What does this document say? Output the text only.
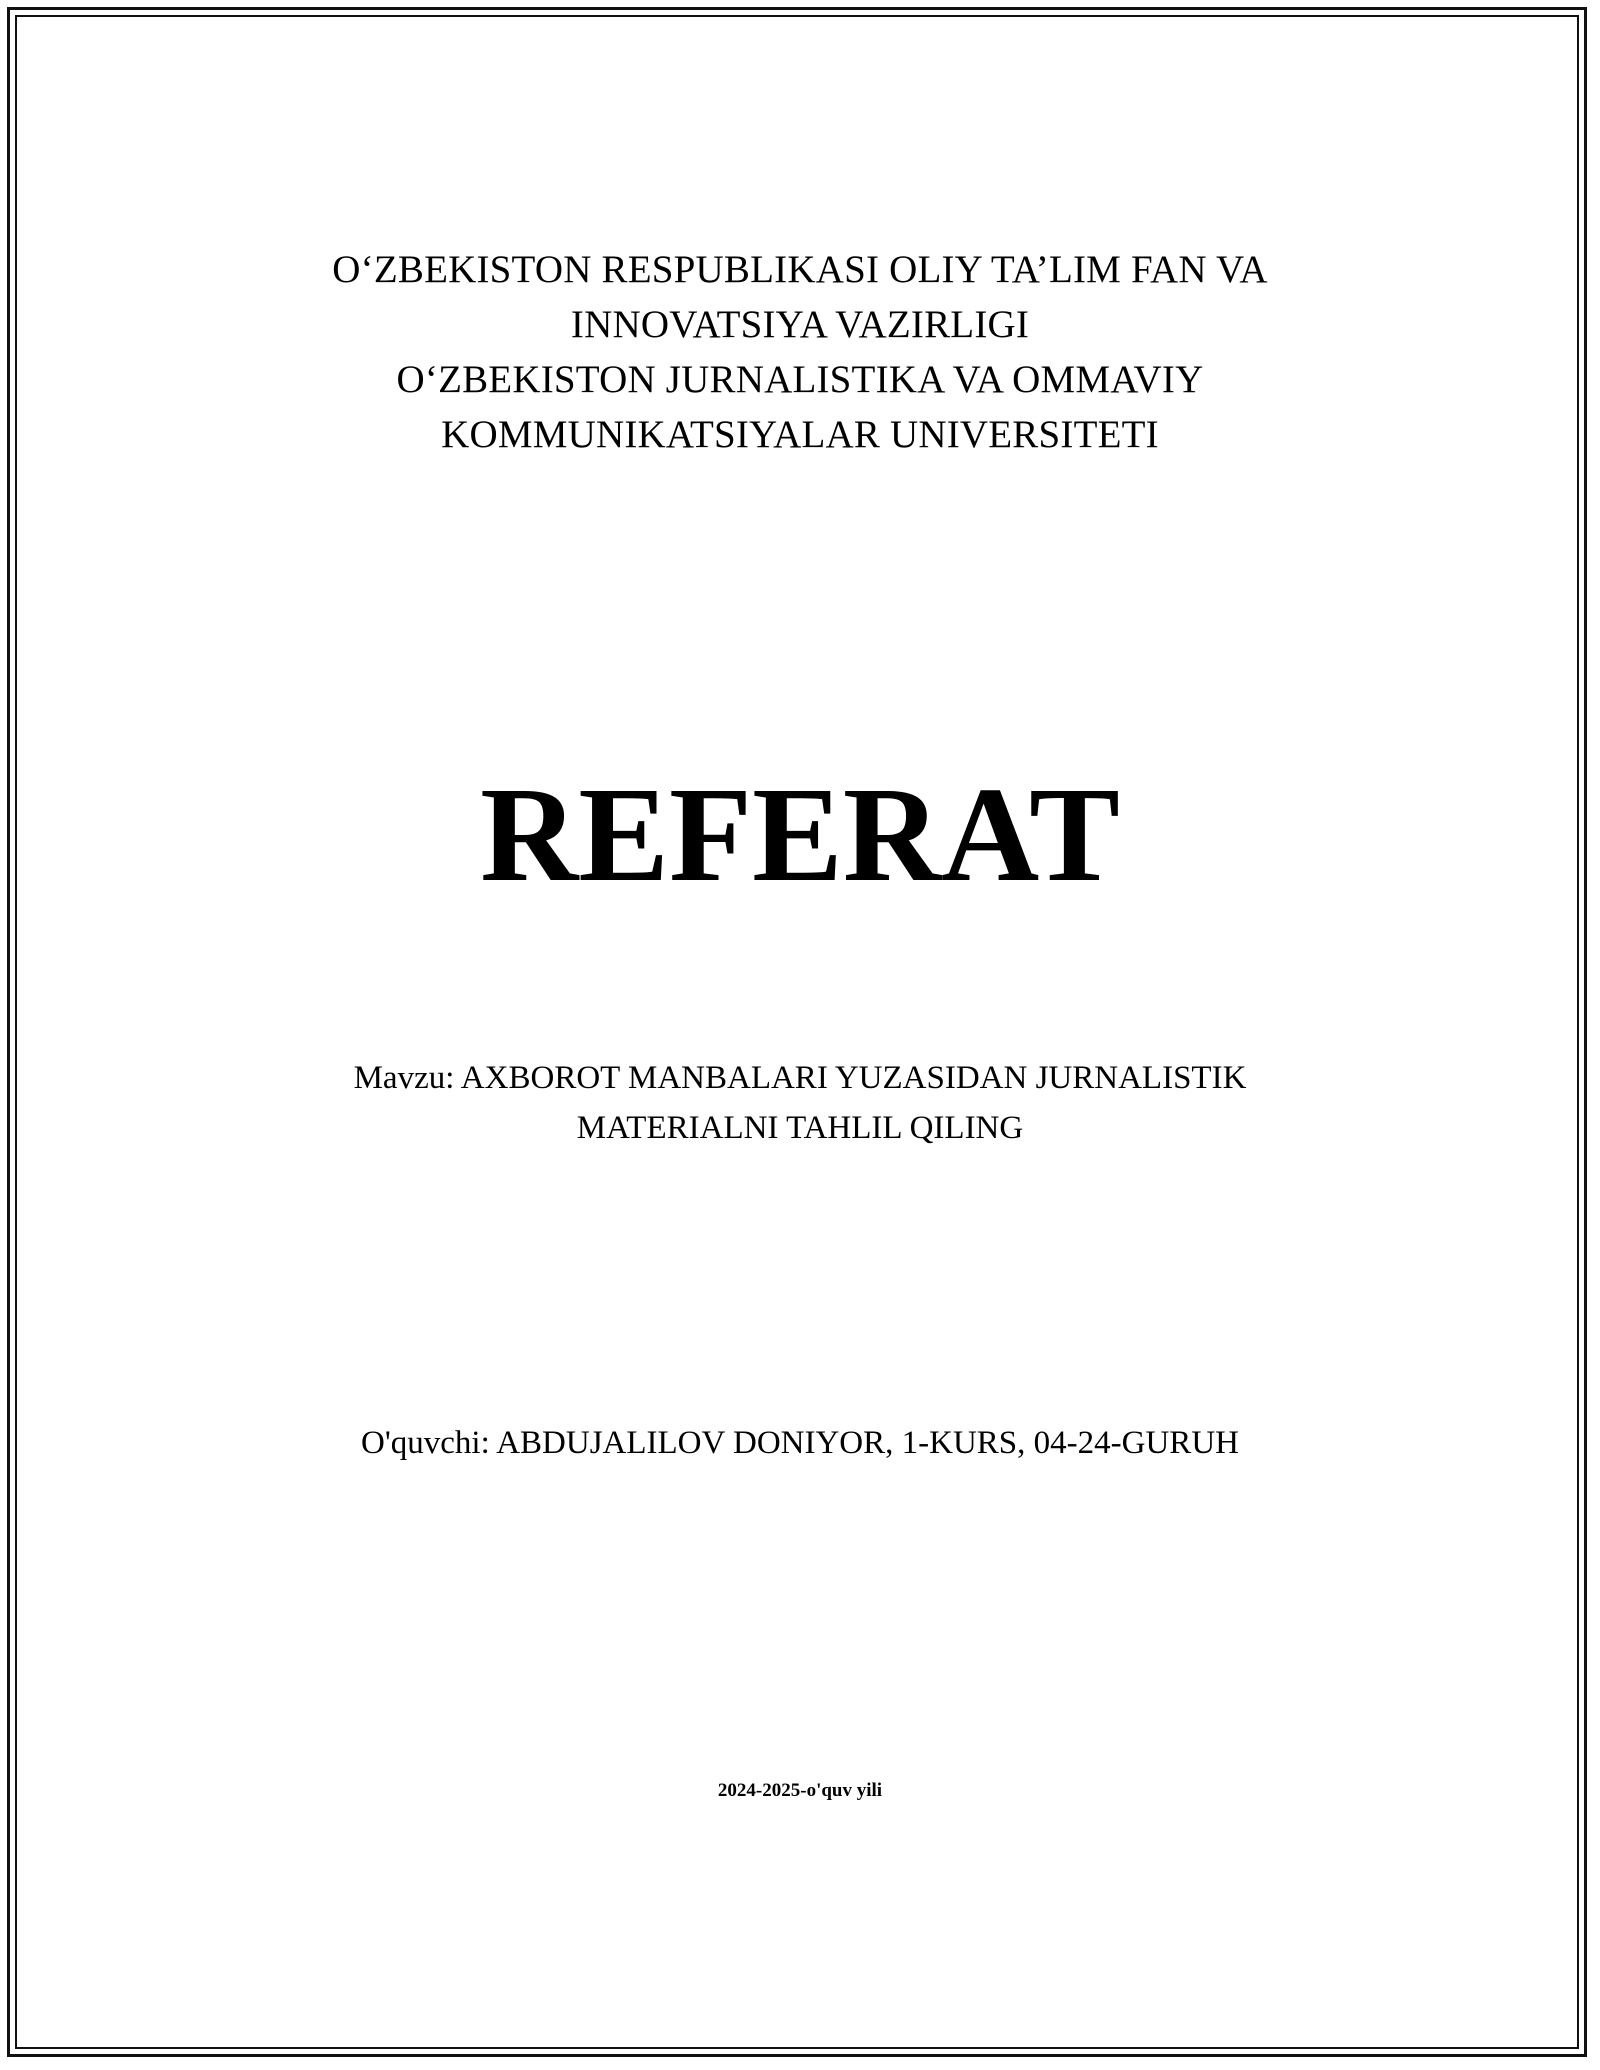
O‘ZBEKISTON RESPUBLIKASI OLIY TA’LIM FAN VA
INNOVATSIYA VAZIRLIGI
O‘ZBEKISTON JURNALISTIKA VA OMMAVIY
KOMMUNIKATSIYALAR UNIVERSITETI
REFERAT
Mavzu: AXBOROT MANBALARI YUZASIDAN JURNALISTIK
MATERIALNI TAHLIL QILING
O'quvchi: ABDUJALILOV DONIYOR, 1-KURS, 04-24-GURUH
2024-2025-o'quv yili
